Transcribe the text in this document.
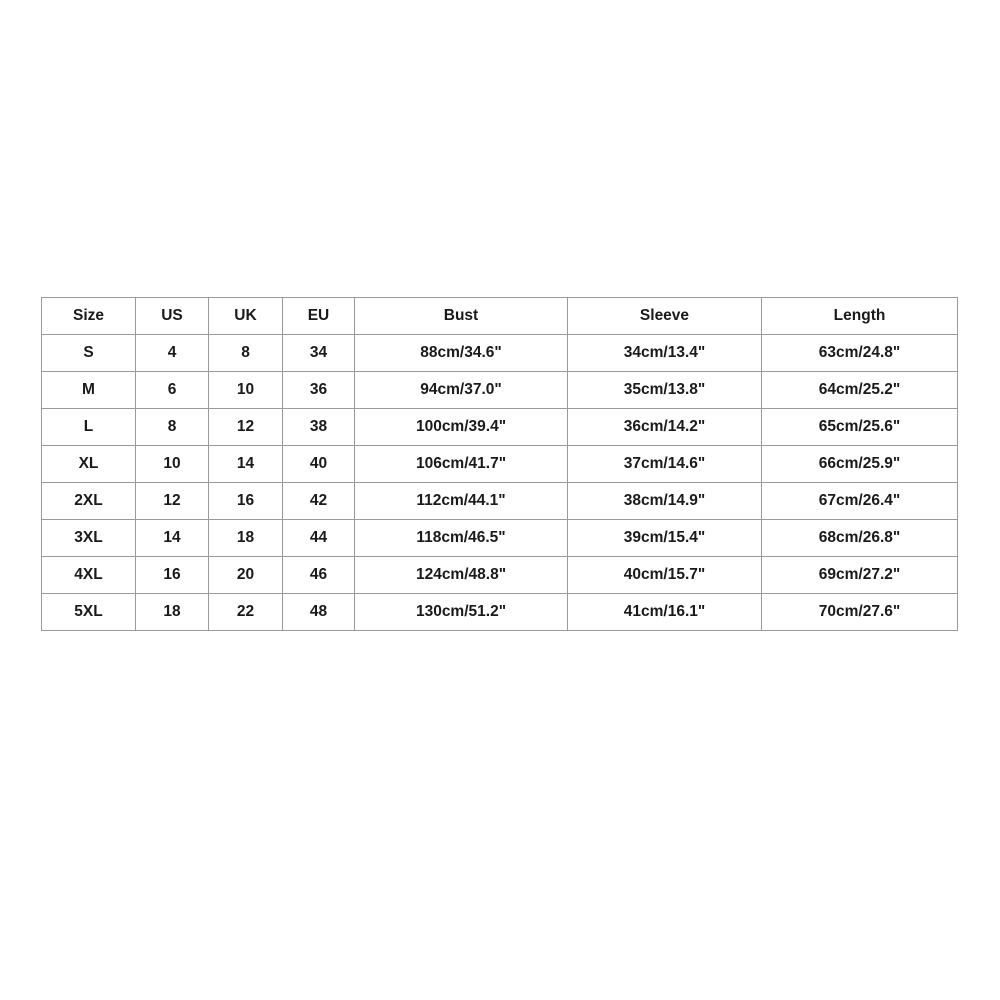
Size	US	UK	EU	Bust	Sleeve	Length
S	4	8	34	88cm/34.6"	34cm/13.4"	63cm/24.8"
M	6	10	36	94cm/37.0"	35cm/13.8"	64cm/25.2"
L	8	12	38	100cm/39.4"	36cm/14.2"	65cm/25.6"
XL	10	14	40	106cm/41.7"	37cm/14.6"	66cm/25.9"
2XL	12	16	42	112cm/44.1"	38cm/14.9"	67cm/26.4"
3XL	14	18	44	118cm/46.5"	39cm/15.4"	68cm/26.8"
4XL	16	20	46	124cm/48.8"	40cm/15.7"	69cm/27.2"
5XL	18	22	48	130cm/51.2"	41cm/16.1"	70cm/27.6"
